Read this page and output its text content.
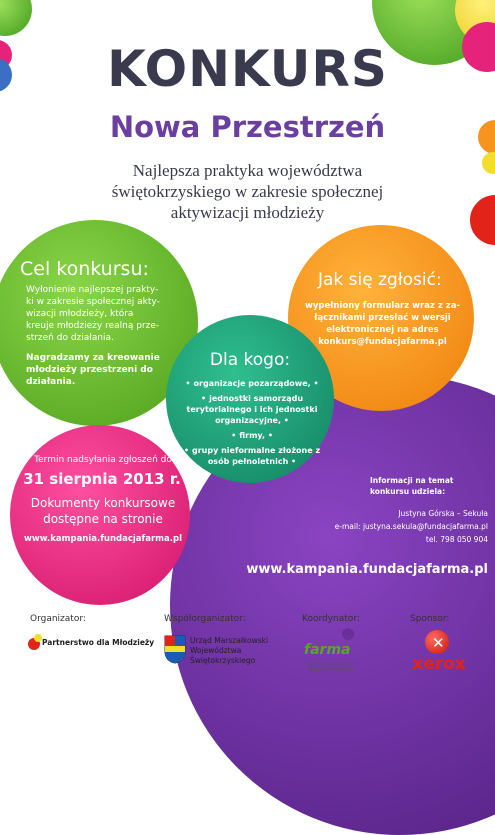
KONKURS
Nowa Przestrzeń
Najlepsza praktyka województwa
świętokrzyskiego w zakresie społecznej
aktywizacji młodzieży
Cel konkursu:
Wyłonienie najlepszej prakty-
ki w zakresie społecznej akty-
wizacji młodzieży, która
kreuje młodzieży realną prze-
strzeń do działania.
Nagradzamy za kreowanie
młodzieży przestrzeni do
działania.
Jak się zgłosić:
wypełniony formularz wraz z za-
łącznikami przesłać w wersji
elektronicznej na adres
konkurs@fundacjafarma.pl
Dla kogo:
• organizacje pozarządowe, •
• jednostki samorządu terytorialnego i ich jednostki organizacyjne, •
• firmy, •
• grupy nieformalne złożone z osób pełnoletnich •
Termin nadsyłania zgłoszeń do
31 sierpnia 2013 r.
Dokumenty konkursowe
dostępne na stronie
www.kampania.fundacjafarma.pl
Informacji na temat
konkursu udziela:
Justyna Górska – Sekuła
e-mail: justyna.sekula@fundacjafarma.pl
tel. 798 050 904
www.kampania.fundacjafarma.pl
Organizator:	Współorganizator:	Koordynator:	Sponsor:
Partnerstwo dla Młodzieży	Urząd Marszałkowski
Województwa
Świętokrzyskiego
farma
FUNDACJA AKTYWIZACJI I ROZWOJU MŁODZIEŻY
✕
xerox
